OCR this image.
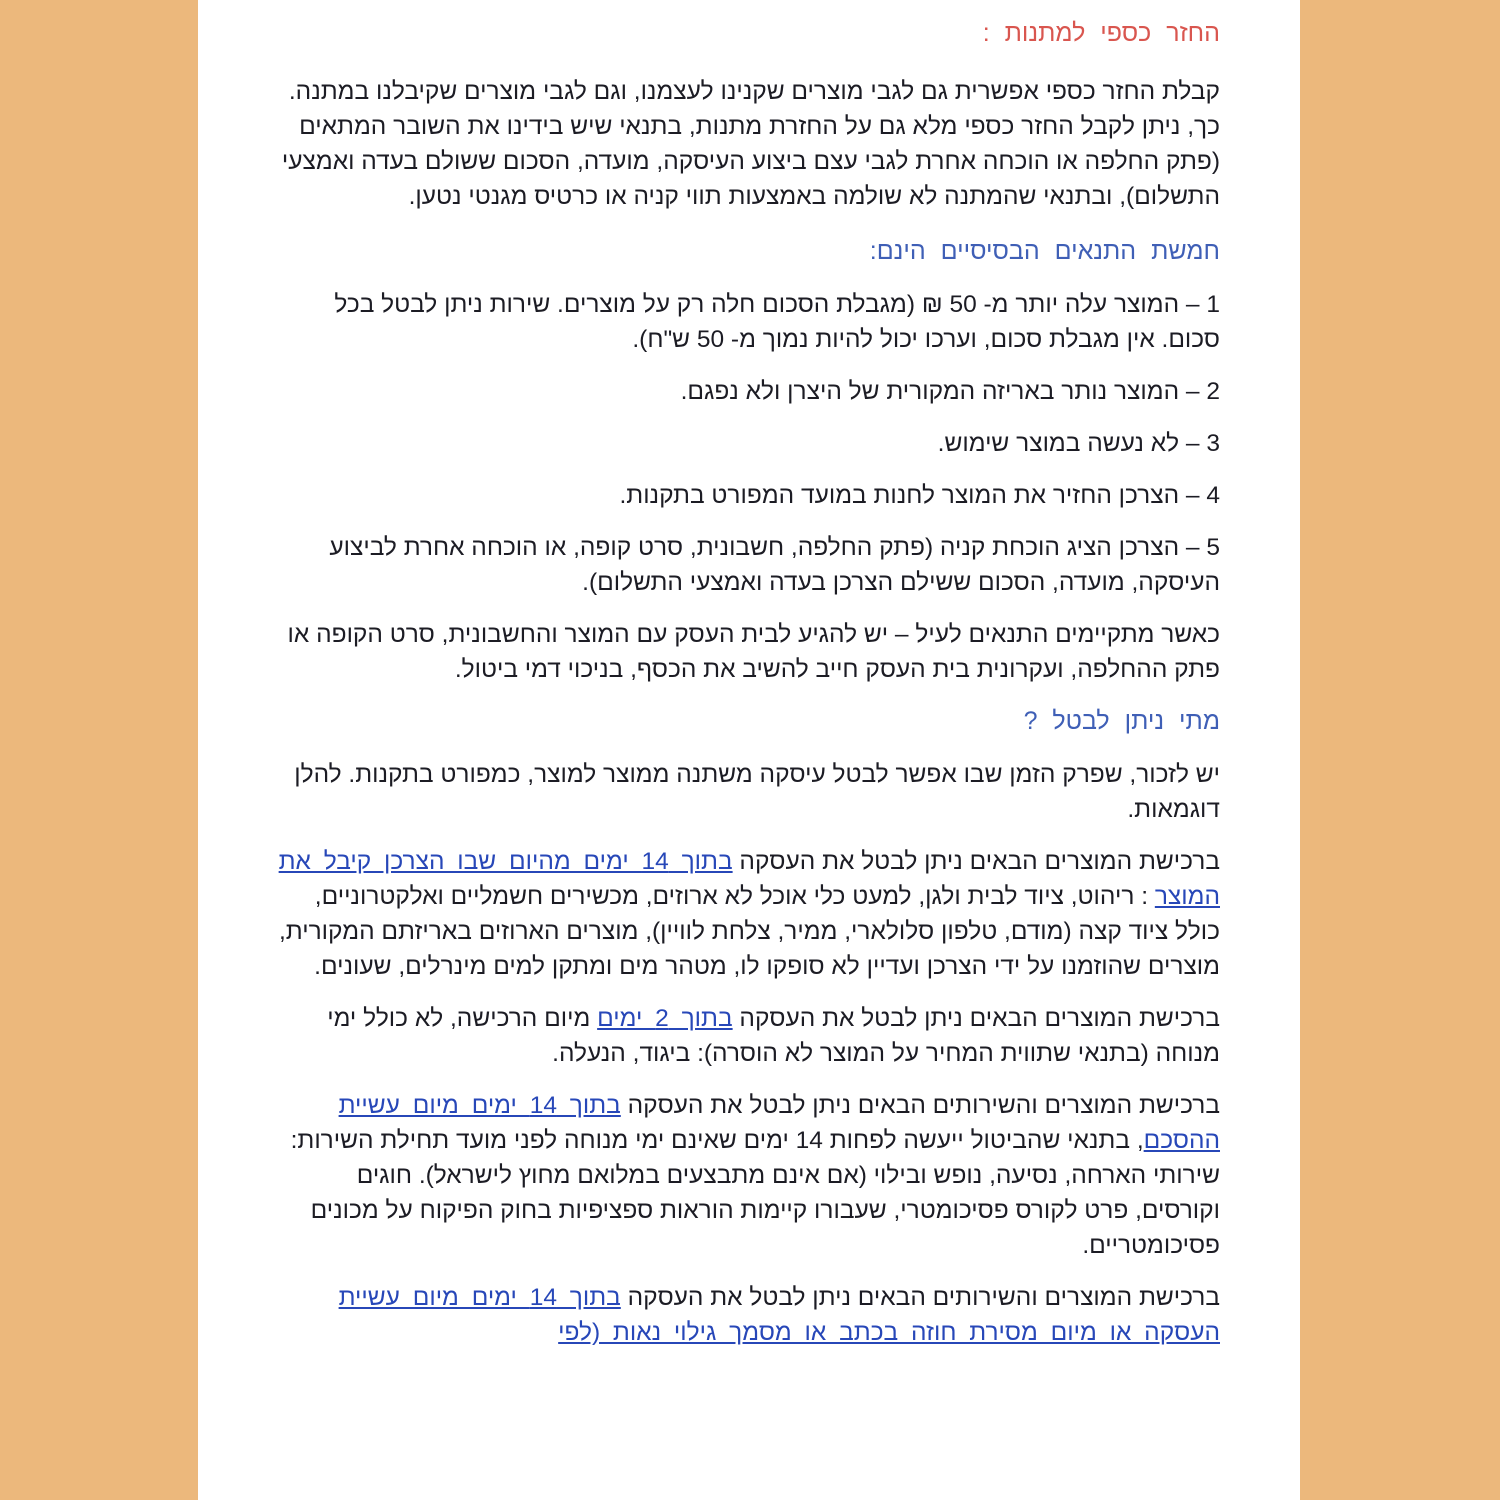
החזר כספי למתנות :

קבלת החזר כספי אפשרית גם לגבי מוצרים שקנינו לעצמנו, וגם לגבי מוצרים שקיבלנו במתנה. כך, ניתן לקבל החזר כספי מלא גם על החזרת מתנות, בתנאי שיש בידינו את השובר המתאים (פתק החלפה או הוכחה אחרת לגבי עצם ביצוע העיסקה, מועדה, הסכום ששולם בעדה ואמצעי התשלום), ובתנאי שהמתנה לא שולמה באמצעות תווי קניה או כרטיס מגנטי נטען.

חמשת התנאים הבסיסיים הינם:

1 – המוצר עלה יותר מ- 50 ₪ (מגבלת הסכום חלה רק על מוצרים. שירות ניתן לבטל בכל סכום. אין מגבלת סכום, וערכו יכול להיות נמוך מ- 50 ש"ח).

2 – המוצר נותר באריזה המקורית של היצרן ולא נפגם.

3 – לא נעשה במוצר שימוש.

4 – הצרכן החזיר את המוצר לחנות במועד המפורט בתקנות.

5 – הצרכן הציג הוכחת קניה (פתק החלפה, חשבונית, סרט קופה, או הוכחה אחרת לביצוע העיסקה, מועדה, הסכום ששילם הצרכן בעדה ואמצעי התשלום).

כאשר מתקיימים התנאים לעיל – יש להגיע לבית העסק עם המוצר והחשבונית, סרט הקופה או פתק ההחלפה, ועקרונית בית העסק חייב להשיב את הכסף, בניכוי דמי ביטול.

מתי ניתן לבטל ?

יש לזכור, שפרק הזמן שבו אפשר לבטל עיסקה משתנה ממוצר למוצר, כמפורט בתקנות. להלן דוגמאות.

ברכישת המוצרים הבאים ניתן לבטל את העסקה בתוך 14 ימים מהיום שבו הצרכן קיבל את המוצר : ריהוט, ציוד לבית ולגן, למעט כלי אוכל לא ארוזים, מכשירים חשמליים ואלקטרוניים, כולל ציוד קצה (מודם, טלפון סלולארי, ממיר, צלחת לוויין), מוצרים הארוזים באריזתם המקורית, מוצרים שהוזמנו על ידי הצרכן ועדיין לא סופקו לו, מטהר מים ומתקן למים מינרלים, שעונים.

ברכישת המוצרים הבאים ניתן לבטל את העסקה בתוך 2 ימים מיום הרכישה, לא כולל ימי מנוחה (בתנאי שתווית המחיר על המוצר לא הוסרה): ביגוד, הנעלה.

ברכישת המוצרים והשירותים הבאים ניתן לבטל את העסקה בתוך 14 ימים מיום עשיית ההסכם, בתנאי שהביטול ייעשה לפחות 14 ימים שאינם ימי מנוחה לפני מועד תחילת השירות: שירותי הארחה, נסיעה, נופש ובילוי (אם אינם מתבצעים במלואם מחוץ לישראל). חוגים וקורסים, פרט לקורס פסיכומטרי, שעבורו קיימות הוראות ספציפיות בחוק הפיקוח על מכונים פסיכומטריים.

ברכישת המוצרים והשירותים הבאים ניתן לבטל את העסקה בתוך 14 ימים מיום עשיית העסקה או מיום מסירת חוזה בכתב או מסמך גילוי נאות (לפי
